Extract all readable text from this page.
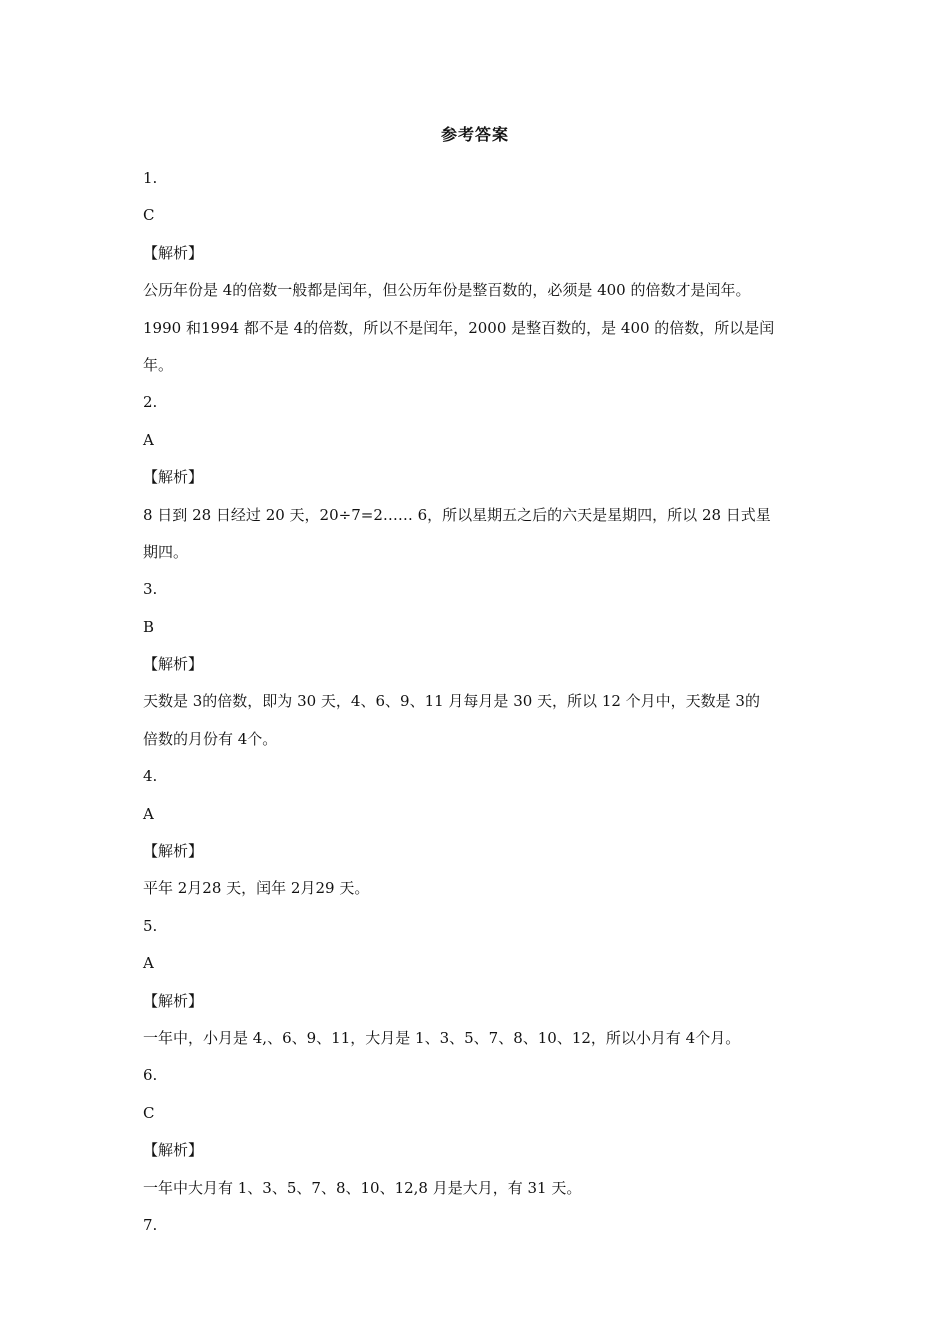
参考答案
1.
C
【解析】
公历年份是 4的倍数一般都是闰年，但公历年份是整百数的，必须是 400 的倍数才是闰年。
1990 和1994 都不是 4的倍数，所以不是闰年，2000 是整百数的，是 400 的倍数，所以是闰
年。
2.
A
【解析】
8 日到 28 日经过 20 天，20÷7=2…… 6，所以星期五之后的六天是星期四，所以 28 日式星
期四。
3.
B
【解析】
天数是 3的倍数，即为 30 天，4、6、9、11 月每月是 30 天，所以 12 个月中，天数是 3的
倍数的月份有 4个。
4.
A
【解析】
平年 2月28 天，闰年 2月29 天。
5.
A
【解析】
一年中，小月是 4,、6、9、11，大月是 1、3、5、7、8、10、12，所以小月有 4个月。
6.
C
【解析】
一年中大月有 1、3、5、7、8、10、12,8 月是大月，有 31 天。
7.
